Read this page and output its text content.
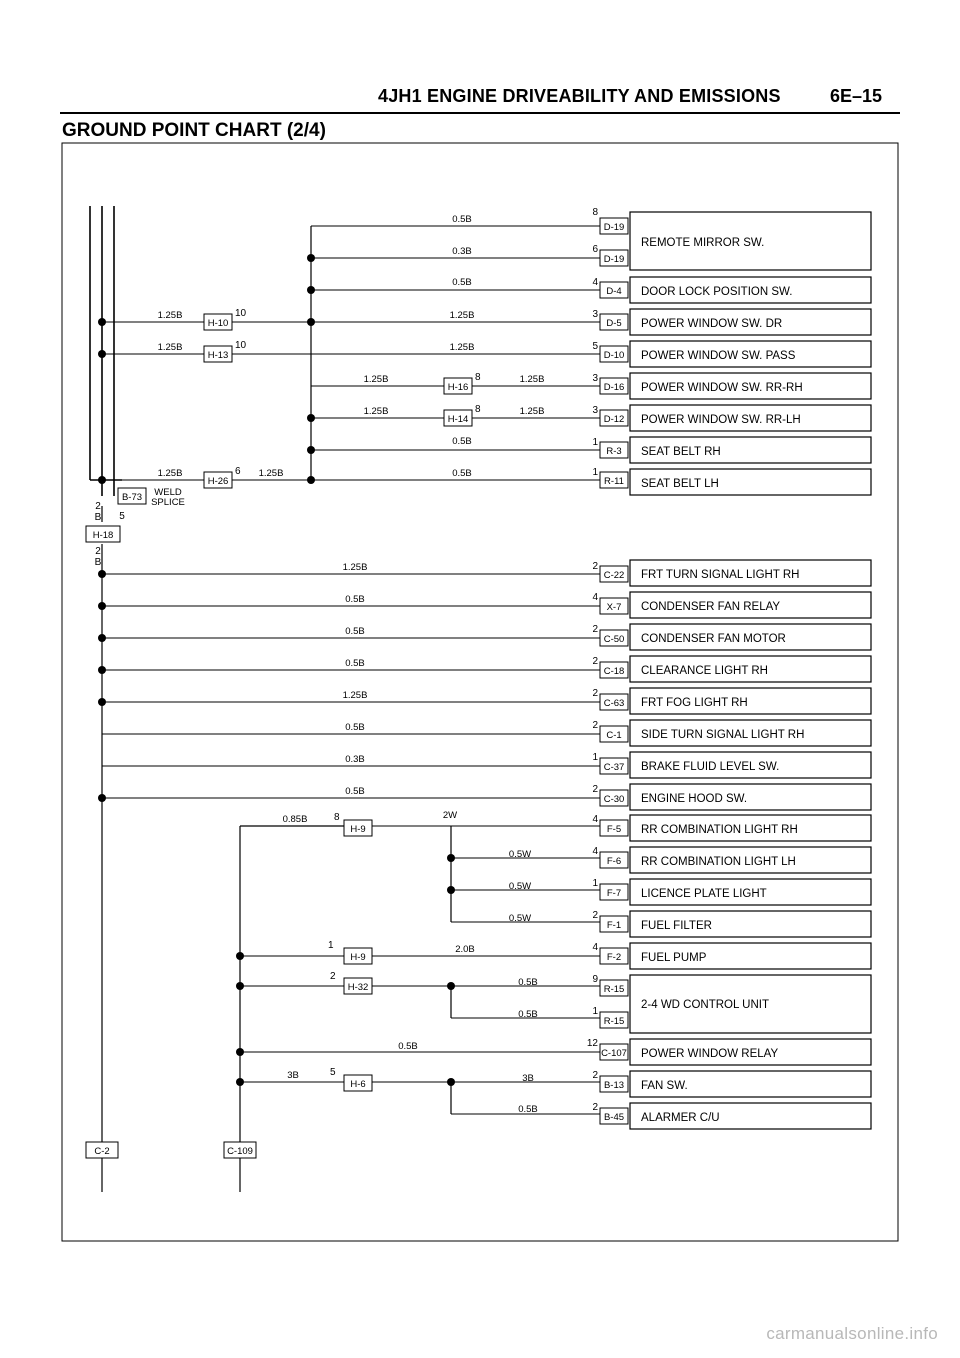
4JH1 ENGINE DRIVEABILITY AND EMISSIONS	6E–15
GROUND POINT CHART (2/4)
REMOTE MIRROR SW.
DOOR LOCK POSITION SW.
POWER WINDOW SW. DR
POWER WINDOW SW. PASS
POWER WINDOW SW. RR-RH
POWER WINDOW SW. RR-LH
SEAT BELT RH
SEAT BELT LH
FRT TURN SIGNAL LIGHT RH
CONDENSER FAN RELAY
CONDENSER FAN MOTOR
CLEARANCE LIGHT RH
FRT FOG LIGHT RH
SIDE TURN SIGNAL LIGHT RH
BRAKE FLUID LEVEL SW.
ENGINE HOOD SW.
RR COMBINATION LIGHT RH
RR COMBINATION LIGHT LH
LICENCE PLATE LIGHT
FUEL FILTER
FUEL PUMP
2-4 WD CONTROL UNIT
POWER WINDOW RELAY
FAN SW.
ALARMER C/U
D-19
D-19
D-4
D-5
D-10
D-16
D-12
R-3
R-11
C-22
X-7
C-50
C-18
C-63
C-1
C-37
C-30
F-5
F-6
F-7
F-1
F-2
R-15
R-15
C-107
B-13
B-45
8
6
4
3
5
3
3
1
1
2
4
2
2
2
2
1
2
4
4
1
2
4
9
1
12
2
2
0.5B
0.3B
0.5B
1.25B
1.25B
1.25B
1.25B
0.5B
0.5B
1.25B
0.5B
0.5B
0.5B
1.25B
0.5B
0.3B
0.5B
0.5W
0.5W
0.5W
2.0B
0.5B
0.5B
0.5B
3B
0.5B
H-10
H-13
H-16
H-14
H-26
H-9
H-9
H-32
H-6
10
10
8
8
6
8
1
2
5
1.25B
1.25B
1.25B
1.25B
1.25B	1.25B
0.85B	2W
3B
B-73 WELD
SPLICE
2
B 5
H-18
2
B
C-2	C-109
carmanualsonline.info
